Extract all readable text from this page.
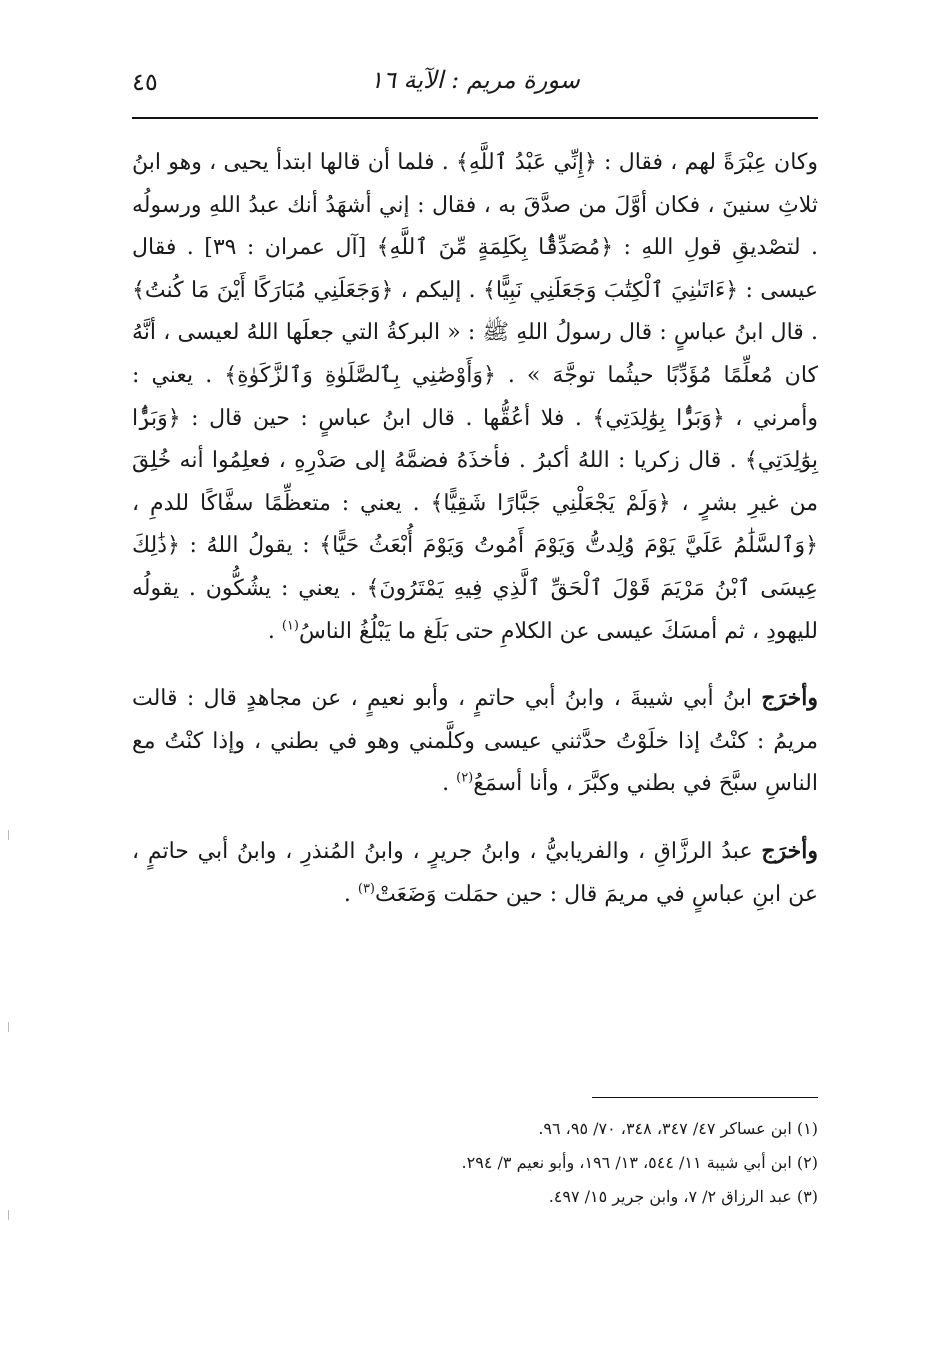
٤٥	سورة مريم : الآية ١٦

وكان عِبْرَةً لهم ، فقال : ﴿إِنِّي عَبْدُ ٱللَّهِ﴾ . فلما أن قالها ابتدأ يحيى ، وهو ابنُ ثلاثِ سنينَ ، فكان أوَّلَ من صدَّقَ به ، فقال : إني أشهَدُ أنك عبدُ اللهِ ورسولُه . لتصْديقِ قولِ اللهِ : ﴿مُصَدِّقًۢا بِكَلِمَةٍ مِّنَ ٱللَّهِ﴾ [آل عمران : ٣٩] . فقال عيسى : ﴿ءَاتَىٰنِيَ ٱلْكِتَٰبَ وَجَعَلَنِي نَبِيًّا﴾ . إليكم ، ﴿وَجَعَلَنِي مُبَارَكًا أَيْنَ مَا كُنتُ﴾ . قال ابنُ عباسٍ : قال رسولُ اللهِ ﷺ : « البركةُ التي جعلَها اللهُ لعيسى ، أنَّهُ كان مُعلِّمًا مُؤَدِّبًا حيثُما توجَّهَ » . ﴿وَأَوْصَٰنِي بِٱلصَّلَوٰةِ وَٱلزَّكَوٰةِ﴾ . يعني : وأمرني ، ﴿وَبَرًّۢا بِوَٰلِدَتِي﴾ . فلا أعُقُّها . قال ابنُ عباسٍ : حين قال : ﴿وَبَرًّۢا بِوَٰلِدَتِي﴾ . قال زكريا : اللهُ أكبرُ . فأخذَهُ فضمَّهُ إلى صَدْرِهِ ، فعلِمُوا أنه خُلِقَ من غيرِ بشرٍ ، ﴿وَلَمْ يَجْعَلْنِي جَبَّارًا شَقِيًّا﴾ . يعني : متعظِّمًا سفَّاكًا للدمِ ، ﴿وَٱلسَّلَٰمُ عَلَيَّ يَوْمَ وُلِدتُّ وَيَوْمَ أَمُوتُ وَيَوْمَ أُبْعَثُ حَيًّا﴾ : يقولُ اللهُ : ﴿ذَٰلِكَ عِيسَى ٱبْنُ مَرْيَمَ قَوْلَ ٱلْحَقِّ ٱلَّذِي فِيهِ يَمْتَرُونَ﴾ . يعني : يشُكُّون . يقولُه لليهودِ ، ثم أمسَكَ عيسى عن الكلامِ حتى بَلَغ ما يَبْلُغُ الناسُ$^{(١)}$ .

وأخرَج ابنُ أبي شيبةَ ، وابنُ أبي حاتمٍ ، وأبو نعيمٍ ، عن مجاهدٍ قال : قالت مريمُ : كنْتُ إذا خلَوْتُ حدَّثني عيسى وكلَّمني وهو في بطني ، وإذا كنْتُ مع الناسِ سبَّحَ في بطني وكبَّرَ ، وأنا أسمَعُ$^{(٢)}$ .

وأخرَج عبدُ الرزَّاقِ ، والفريابيُّ ، وابنُ جريرٍ ، وابنُ المُنذرِ ، وابنُ أبي حاتمٍ ، عن ابنِ عباسٍ في مريمَ قال : حين حمَلت وَضَعَتْ$^{(٣)}$ .

(١) ابن عساكر ٤٧/ ٣٤٧، ٣٤٨، ٧٠/ ٩٥، ٩٦.
(٢) ابن أبي شيبة ١١/ ٥٤٤، ١٣/ ١٩٦، وأبو نعيم ٣/ ٢٩٤.
(٣) عبد الرزاق ٢/ ٧، وابن جرير ١٥/ ٤٩٧.
